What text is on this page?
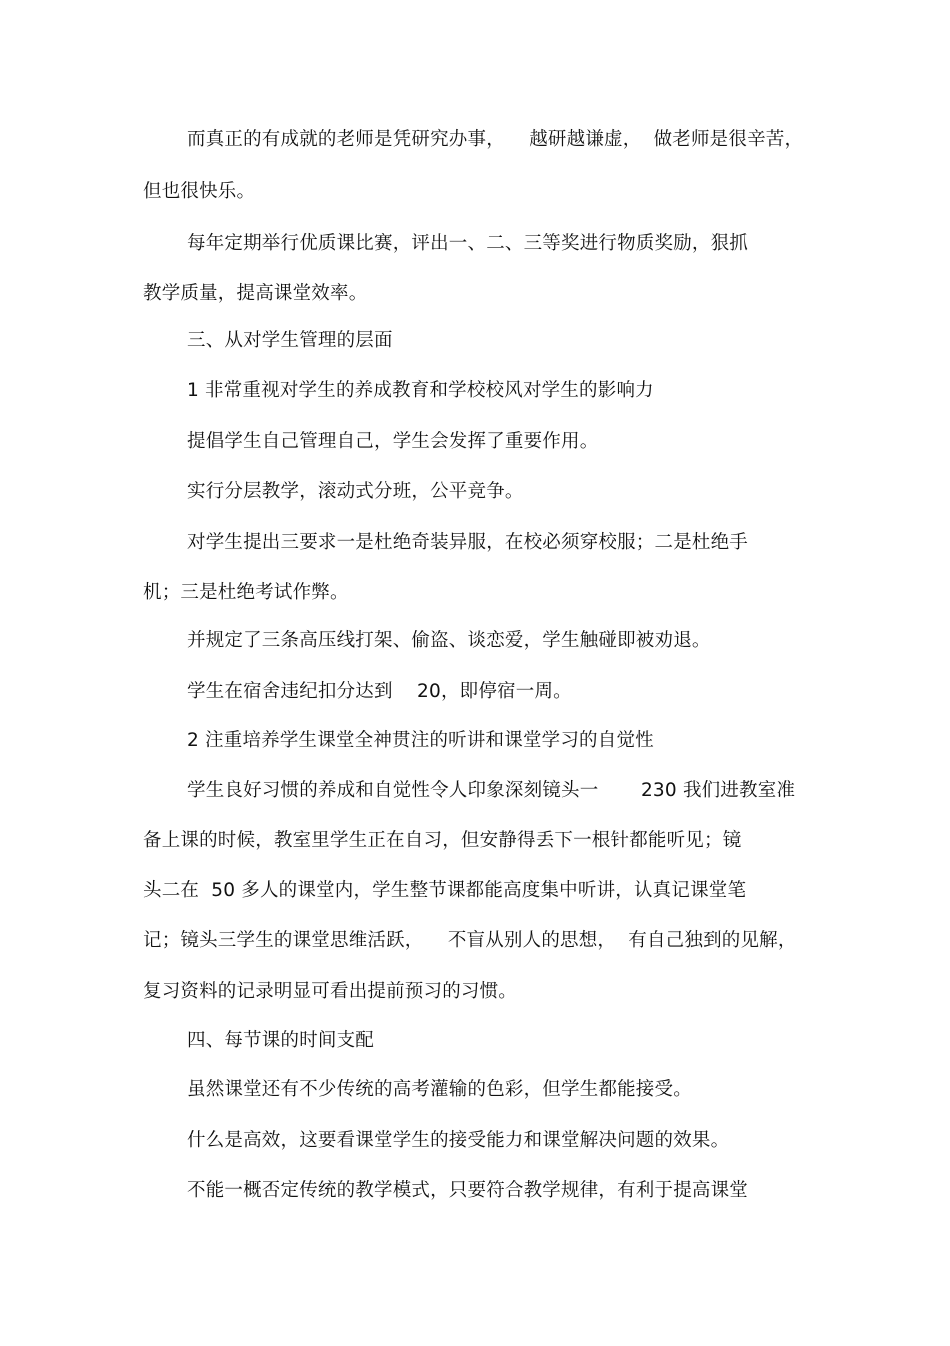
而真正的有成就的老师是凭研究办事，    越研越谦虚，  做老师是很辛苦，
但也很快乐。
每年定期举行优质课比赛，评出一、二、三等奖进行物质奖励，狠抓
教学质量，提高课堂效率。
三、从对学生管理的层面
1 非常重视对学生的养成教育和学校校风对学生的影响力
提倡学生自己管理自己，学生会发挥了重要作用。
实行分层教学，滚动式分班，公平竞争。
对学生提出三要求一是杜绝奇装异服，在校必须穿校服；二是杜绝手
机；三是杜绝考试作弊。
并规定了三条高压线打架、偷盗、谈恋爱，学生触碰即被劝退。
学生在宿舍违纪扣分达到    20，即停宿一周。
2 注重培养学生课堂全神贯注的听讲和课堂学习的自觉性
学生良好习惯的养成和自觉性令人印象深刻镜头一       230 我们进教室准
备上课的时候，教室里学生正在自习，但安静得丢下一根针都能听见；镜
头二在  50 多人的课堂内，学生整节课都能高度集中听讲，认真记课堂笔
记；镜头三学生的课堂思维活跃，    不盲从别人的思想，  有自己独到的见解，
复习资料的记录明显可看出提前预习的习惯。
四、每节课的时间支配
虽然课堂还有不少传统的高考灌输的色彩，但学生都能接受。
什么是高效，这要看课堂学生的接受能力和课堂解决问题的效果。
不能一概否定传统的教学模式，只要符合教学规律，有利于提高课堂
